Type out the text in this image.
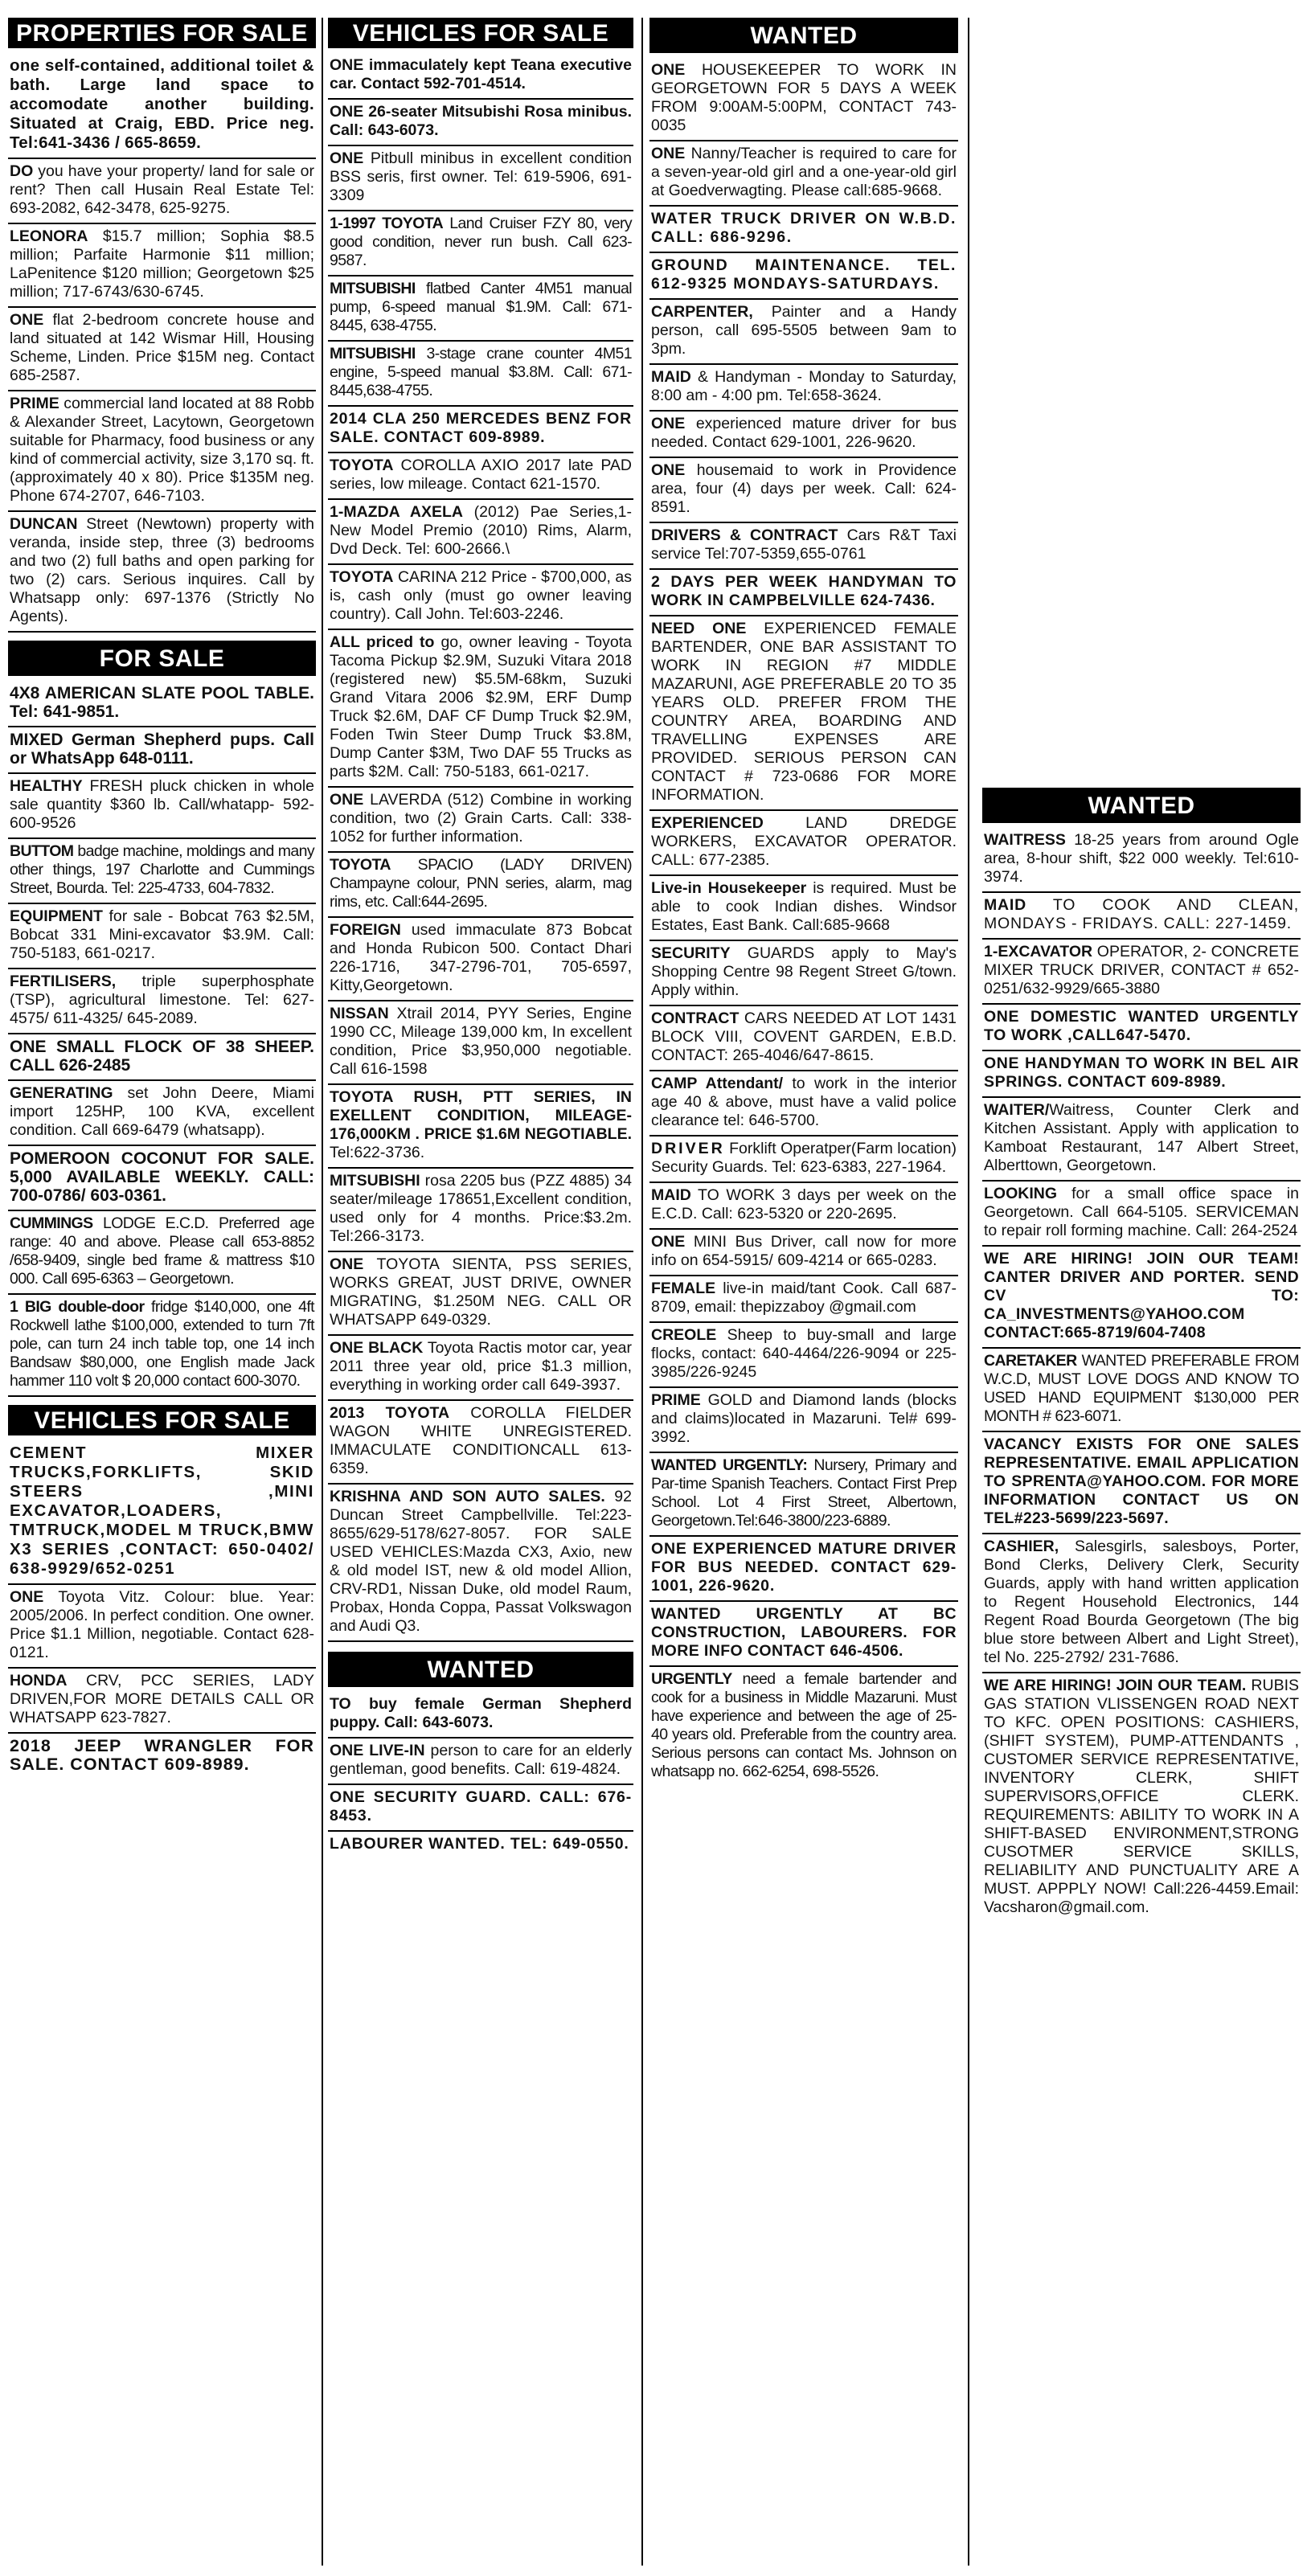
PROPERTIES FOR SALE
one self-contained, additional toilet & bath. Large land space to accomodate another building. Situated at Craig, EBD. Price neg. Tel:641-3436 / 665-8659.
DO you have your property/ land for sale or rent? Then call Husain Real Estate Tel: 693-2082, 642-3478, 625-9275.
LEONORA $15.7 million; Sophia $8.5 million; Parfaite Harmonie $11 million; LaPenitence $120 million; Georgetown $25 million; 717-6743/630-6745.
ONE flat 2-bedroom concrete house and land situated at 142 Wismar Hill, Housing Scheme, Linden. Price $15M neg. Contact 685-2587.
PRIME commercial land located at 88 Robb & Alexander Street, Lacytown, Georgetown suitable for Pharmacy, food business or any kind of commercial activity, size 3,170 sq. ft. (approximately 40 x 80). Price $135M neg. Phone 674-2707, 646-7103.
DUNCAN Street (Newtown) property with veranda, inside step, three (3) bedrooms and two (2) full baths and open parking for two (2) cars. Serious inquires. Call by Whatsapp only: 697-1376 (Strictly No Agents).
FOR SALE
4X8 AMERICAN SLATE POOL TABLE. Tel: 641-9851.
MIXED German Shepherd pups. Call or WhatsApp 648-0111.
HEALTHY FRESH pluck chicken in whole sale quantity $360 lb. Call/whatapp- 592-600-9526
BUTTOM badge machine, moldings and many other things, 197 Charlotte and Cummings Street, Bourda. Tel: 225-4733, 604-7832.
EQUIPMENT for sale - Bobcat 763 $2.5M, Bobcat 331 Mini-excavator $3.9M. Call: 750-5183, 661-0217.
FERTILISERS, triple superphosphate (TSP), agricultural limestone. Tel: 627-4575/ 611-4325/ 645-2089.
ONE SMALL FLOCK OF 38 SHEEP. CALL 626-2485
GENERATING set John Deere, Miami import 125HP, 100 KVA, excellent condition. Call 669-6479 (whatsapp).
POMEROON COCONUT FOR SALE. 5,000 AVAILABLE WEEKLY. CALL: 700-0786/ 603-0361.
CUMMINGS LODGE E.C.D. Preferred age range: 40 and above. Please call 653-8852 /658-9409, single bed frame & mattress $10 000. Call 695-6363 – Georgetown.
1 BIG double-door fridge $140,000, one 4ft Rockwell lathe $100,000, extended to turn 7ft pole, can turn 24 inch table top, one 14 inch Bandsaw $80,000, one English made Jack hammer 110 volt $ 20,000 contact 600-3070.
VEHICLES FOR SALE
CEMENT MIXER TRUCKS,FORKLIFTS, SKID STEERS ,MINI EXCAVATOR,LOADERS, TMTRUCK,MODEL M TRUCK,BMW X3 SERIES ,CONTACT: 650-0402/ 638-9929/652-0251
ONE Toyota Vitz. Colour: blue. Year: 2005/2006. In perfect condition. One owner. Price $1.1 Million, negotiable. Contact 628-0121.
HONDA CRV, PCC SERIES, LADY DRIVEN,FOR MORE DETAILS CALL OR WHATSAPP 623-7827.
2018 JEEP WRANGLER FOR SALE. CONTACT 609-8989.
VEHICLES FOR SALE
ONE immaculately kept Teana executive car. Contact 592-701-4514.
ONE 26-seater Mitsubishi Rosa minibus. Call: 643-6073.
ONE Pitbull minibus in excellent condition BSS seris, first owner. Tel: 619-5906, 691-3309
1-1997 TOYOTA Land Cruiser FZY 80, very good condition, never run bush. Call 623-9587.
MITSUBISHI flatbed Canter 4M51 manual pump, 6-speed manual $1.9M. Call: 671-8445, 638-4755.
MITSUBISHI 3-stage crane counter 4M51 engine, 5-speed manual $3.8M. Call: 671-8445,638-4755.
2014 CLA 250 MERCEDES BENZ FOR SALE. CONTACT 609-8989.
TOYOTA COROLLA AXIO 2017 late PAD series, low mileage. Contact 621-1570.
1-MAZDA AXELA (2012) Pae Series,1- New Model Premio (2010) Rims, Alarm, Dvd Deck. Tel: 600-2666.\
TOYOTA CARINA 212 Price - $700,000, as is, cash only (must go owner leaving country). Call John. Tel:603-2246.
ALL priced to go, owner leaving - Toyota Tacoma Pickup $2.9M, Suzuki Vitara 2018 (registered new) $5.5M-68km, Suzuki Grand Vitara 2006 $2.9M, ERF Dump Truck $2.6M, DAF CF Dump Truck $2.9M, Foden Twin Steer Dump Truck $3.8M, Dump Canter $3M, Two DAF 55 Trucks as parts $2M. Call: 750-5183, 661-0217.
ONE LAVERDA (512) Combine in working condition, two (2) Grain Carts. Call: 338-1052 for further information.
TOYOTA SPACIO (LADY DRIVEN) Champayne colour, PNN series, alarm, mag rims, etc. Call:644-2695.
FOREIGN used immaculate 873 Bobcat and Honda Rubicon 500. Contact Dhari 226-1716, 347-2796-701, 705-6597, Kitty,Georgetown.
NISSAN Xtrail 2014, PYY Series, Engine 1990 CC, Mileage 139,000 km, In excellent condition, Price $3,950,000 negotiable. Call 616-1598
TOYOTA RUSH, PTT SERIES, IN EXELLENT CONDITION, MILEAGE-176,000KM . PRICE $1.6M NEGOTIABLE. Tel:622-3736.
MITSUBISHI rosa 2205 bus (PZZ 4885) 34 seater/mileage 178651,Excellent condition, used only for 4 months. Price:$3.2m. Tel:266-3173.
ONE TOYOTA SIENTA, PSS SERIES, WORKS GREAT, JUST DRIVE, OWNER MIGRATING, $1.250M NEG. CALL OR WHATSAPP 649-0329.
ONE BLACK Toyota Ractis motor car, year 2011 three year old, price $1.3 million, everything in working order call 649-3937.
2013 TOYOTA COROLLA FIELDER WAGON WHITE UNREGISTERED. IMMACULATE CONDITIONCALL 613-6359.
KRISHNA AND SON AUTO SALES. 92 Duncan Street Campbellville. Tel:223-8655/629-5178/627-8057. FOR SALE USED VEHICLES:Mazda CX3, Axio, new & old model IST, new & old model Allion, CRV-RD1, Nissan Duke, old model Raum, Probax, Honda Coppa, Passat Volkswagon and Audi Q3.
WANTED
TO buy female German Shepherd puppy. Call: 643-6073.
ONE LIVE-IN person to care for an elderly gentleman, good benefits. Call: 619-4824.
ONE SECURITY GUARD. CALL: 676-8453.
LABOURER WANTED. TEL: 649-0550.
WANTED
ONE HOUSEKEEPER TO WORK IN GEORGETOWN FOR 5 DAYS A WEEK FROM 9:00AM-5:00PM, CONTACT 743-0035
ONE Nanny/Teacher is required to care for a seven-year-old girl and a one-year-old girl at Goedverwagting. Please call:685-9668.
WATER TRUCK DRIVER ON W.B.D. CALL: 686-9296.
GROUND MAINTENANCE. TEL. 612-9325 MONDAYS-SATURDAYS.
CARPENTER, Painter and a Handy person, call 695-5505 between 9am to 3pm.
MAID & Handyman - Monday to Saturday, 8:00 am - 4:00 pm. Tel:658-3624.
ONE experienced mature driver for bus needed. Contact 629-1001, 226-9620.
ONE housemaid to work in Providence area, four (4) days per week. Call: 624-8591.
DRIVERS & CONTRACT Cars R&T Taxi service Tel:707-5359,655-0761
2 DAYS PER WEEK HANDYMAN TO WORK IN CAMPBELVILLE 624-7436.
NEED ONE EXPERIENCED FEMALE BARTENDER, ONE BAR ASSISTANT TO WORK IN REGION #7 MIDDLE MAZARUNI, AGE PREFERABLE 20 TO 35 YEARS OLD. PREFER FROM THE COUNTRY AREA, BOARDING AND TRAVELLING EXPENSES ARE PROVIDED. SERIOUS PERSON CAN CONTACT # 723-0686 FOR MORE INFORMATION.
EXPERIENCED LAND DREDGE WORKERS, EXCAVATOR OPERATOR. CALL: 677-2385.
Live-in Housekeeper is required. Must be able to cook Indian dishes. Windsor Estates, East Bank. Call:685-9668
SECURITY GUARDS apply to May's Shopping Centre 98 Regent Street G/town. Apply within.
CONTRACT CARS NEEDED AT LOT 1431 BLOCK VIII, COVENT GARDEN, E.B.D. CONTACT: 265-4046/647-8615.
CAMP Attendant/ to work in the interior age 40 & above, must have a valid police clearance tel: 646-5700.
DRIVER Forklift Operatper(Farm location) Security Guards. Tel: 623-6383, 227-1964.
MAID TO WORK 3 days per week on the E.C.D. Call: 623-5320 or 220-2695.
ONE MINI Bus Driver, call now for more info on 654-5915/ 609-4214 or 665-0283.
FEMALE live-in maid/tant Cook. Call 687-8709, email: thepizzaboy @gmail.com
CREOLE Sheep to buy-small and large flocks, contact: 640-4464/226-9094 or 225-3985/226-9245
PRIME GOLD and Diamond lands (blocks and claims)located in Mazaruni. Tel# 699-3992.
WANTED URGENTLY: Nursery, Primary and Par-time Spanish Teachers. Contact First Prep School. Lot 4 First Street, Albertown, Georgetown.Tel:646-3800/223-6889.
ONE EXPERIENCED MATURE DRIVER FOR BUS NEEDED. CONTACT 629-1001, 226-9620.
WANTED URGENTLY AT BC CONSTRUCTION, LABOURERS. FOR MORE INFO CONTACT 646-4506.
URGENTLY need a female bartender and cook for a business in Middle Mazaruni. Must have experience and between the age of 25-40 years old. Preferable from the country area. Serious persons can contact Ms. Johnson on whatsapp no. 662-6254, 698-5526.
WANTED
WAITRESS 18-25 years from around Ogle area, 8-hour shift, $22 000 weekly. Tel:610-3974.
MAID TO COOK AND CLEAN, MONDAYS - FRIDAYS. CALL: 227-1459.
1-EXCAVATOR OPERATOR, 2- CONCRETE MIXER TRUCK DRIVER, CONTACT # 652-0251/632-9929/665-3880
ONE DOMESTIC WANTED URGENTLY TO WORK ,CALL647-5470.
ONE HANDYMAN TO WORK IN BEL AIR SPRINGS. CONTACT 609-8989.
WAITER/Waitress, Counter Clerk and Kitchen Assistant. Apply with application to Kamboat Restaurant, 147 Albert Street, Alberttown, Georgetown.
LOOKING for a small office space in Georgetown. Call 664-5105. SERVICEMAN to repair roll forming machine. Call: 264-2524
WE ARE HIRING! JOIN OUR TEAM! CANTER DRIVER AND PORTER. SEND CV TO: CA_INVESTMENTS@YAHOO.COM CONTACT:665-8719/604-7408
CARETAKER WANTED PREFERABLE FROM W.C.D, MUST LOVE DOGS AND KNOW TO USED HAND EQUIPMENT $130,000 PER MONTH # 623-6071.
VACANCY EXISTS FOR ONE SALES REPRESENTATIVE. EMAIL APPLICATION TO SPRENTA@YAHOO.COM. FOR MORE INFORMATION CONTACT US ON TEL#223-5699/223-5697.
CASHIER, Salesgirls, salesboys, Porter, Bond Clerks, Delivery Clerk, Security Guards, apply with hand written application to Regent Household Electronics, 144 Regent Road Bourda Georgetown (The big blue store between Albert and Light Street), tel No. 225-2792/ 231-7686.
WE ARE HIRING! JOIN OUR TEAM. RUBIS GAS STATION VLISSENGEN ROAD NEXT TO KFC. OPEN POSITIONS: CASHIERS, (SHIFT SYSTEM), PUMP-ATTENDANTS , CUSTOMER SERVICE REPRESENTATIVE, INVENTORY CLERK, SHIFT SUPERVISORS,OFFICE CLERK. REQUIREMENTS: ABILITY TO WORK IN A SHIFT-BASED ENVIRONMENT,STRONG CUSOTMER SERVICE SKILLS, RELIABILITY AND PUNCTUALITY ARE A MUST. APPPLY NOW! Call:226-4459.Email: Vacsharon@gmail.com.
